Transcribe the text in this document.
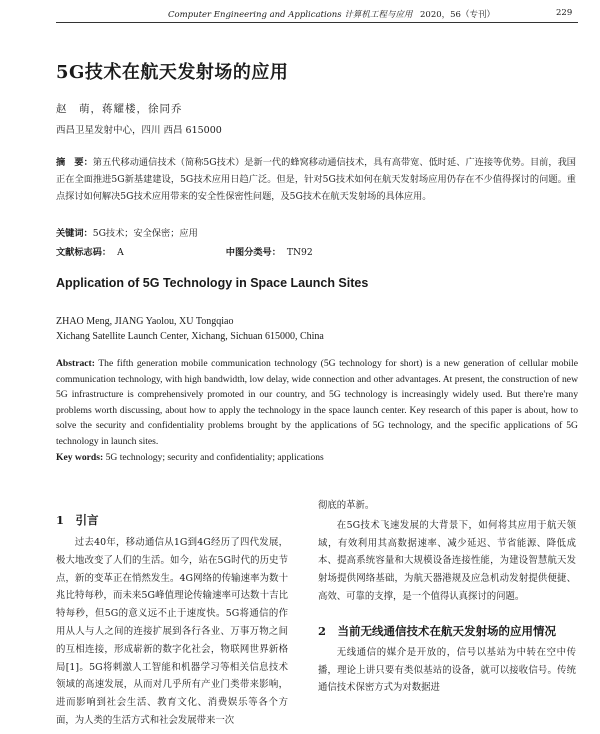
Computer Engineering and Applications 计算机工程与应用 2020，56（专刊）	229
5G技术在航天发射场的应用
赵　萌，蒋耀楼，徐同乔
西昌卫星发射中心，四川 西昌 615000
摘　要：第五代移动通信技术（简称5G技术）是新一代的蜂窝移动通信技术，具有高带宽、低时延、广连接等优势。目前，我国正在全面推进5G新基建建设，5G技术应用日趋广泛。但是，针对5G技术如何在航天发射场应用仍存在不少值得探讨的问题。重点探讨如何解决5G技术应用带来的安全性保密性问题，及5G技术在航天发射场的具体应用。
关键词：5G技术；安全保密；应用
文献标志码： A	中图分类号： TN92
Application of 5G Technology in Space Launch Sites
ZHAO Meng, JIANG Yaolou, XU Tongqiao
Xichang Satellite Launch Center, Xichang, Sichuan 615000, China
Abstract: The fifth generation mobile communication technology (5G technology for short) is a new generation of cellular mobile communication technology, with high bandwidth, low delay, wide connection and other advantages. At present, the construction of new 5G infrastructure is comprehensively promoted in our country, and 5G technology is increasingly widely used. But there're many problems worth discussing, about how to apply the technology in the space launch center. Key research of this paper is about, how to solve the security and confidentiality problems brought by the applications of 5G technology, and the specific applications of 5G technology in launch sites.
Key words: 5G technology; security and confidentiality; applications
1　引言

过去40年，移动通信从1G到4G经历了四代发展，极大地改变了人们的生活。如今，站在5G时代的历史节点，新的变革正在悄然发生。4G网络的传输速率为数十兆比特每秒，而未来5G峰值理论传输速率可达数十吉比特每秒，但5G的意义远不止于速度快。5G将通信的作用从人与人之间的连接扩展到各行各业、万事万物之间的互相连接，形成崭新的数字化社会，物联网世界新格局[1]。5G将刺激人工智能和机器学习等相关信息技术领域的高速发展，从而对几乎所有产业门类带来影响，进而影响到社会生活、教育文化、消费娱乐等各个方面，为人类的生活方式和社会发展带来一次

彻底的革新。

在5G技术飞速发展的大背景下，如何将其应用于航天领域，有效利用其高数据速率、减少延迟、节省能源、降低成本、提高系统容量和大规模设备连接性能，为建设智慧航天发射场提供网络基础，为航天器港规及应急机动发射提供便捷、高效、可靠的支撑，是一个值得认真探讨的问题。

2　当前无线通信技术在航天发射场的应用情况

无线通信的媒介是开放的，信号以基站为中转在空中传播，理论上讲只要有类似基站的设备，就可以接收信号。传统通信技术保密方式为对数据进
